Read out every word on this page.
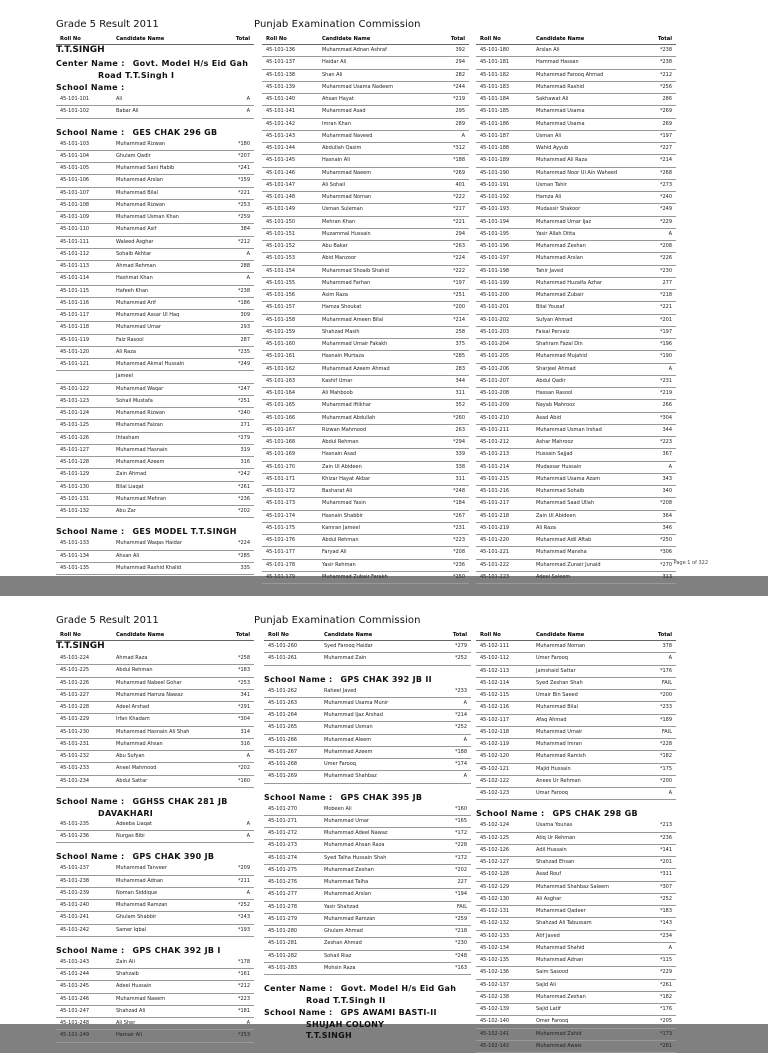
Grade 5 Result 2011	Punjab Examination Commission
Roll No	Candidate Name	Total
T.T.SINGH
Center Name : Govt. Model H/s Eid Gah
Road T.T.Singh I
School Name :
45-101-101	Ali	A
45-101-102	Babar Ali	A
School Name : GES CHAK 296 GB
45-101-103	Muhammad Rizwan	*180
45-101-104	Ghulam Qadir	*207
45-101-105	Muhammad Sani Habib	*241
45-101-106	Muhammad Arslan	*159
45-101-107	Muhammad Bilal	*221
45-101-108	Muhammad Rizwan	*253
45-101-109	Muhammad Usman Khan	*259
45-101-110	Muhammad Asif	384
45-101-111	Waleed Asghar	*212
45-101-112	Sohaib Akhtar	A
45-101-113	Ahmad Rehman	288
45-101-114	Hashmat Khan	A
45-101-115	Hafeeh Khan	*238
45-101-116	Muhammad Arif	*186
45-101-117	Muhammad Assar Ul Haq	309
45-101-118	Muhammad Umar	293
45-101-119	Faiz Rasool	287
45-101-120	Ali Raza	*235
45-101-121	Muhammad Akmal Hussain	*249
Jameel
45-101-122	Muhammad Waqar	*247
45-101-123	Sohail Mustafa	*251
45-101-124	Muhammad Rizwan	*240
45-101-125	Muhammad Faizan	271
45-101-126	Ihtasham	*279
45-101-127	Muhammad Hasnain	319
45-101-128	Muhammad Azeem	316
45-101-129	Zain Ahmad	*242
45-101-130	Bilal Liaqat	*261
45-101-131	Muhammad Mehran	*236
45-101-132	Abu Zar	*202
School Name : GES MODEL T.T.SINGH
45-101-133	Muhammad Waqas Haidar	*224
45-101-134	Ahsan Ali	*285
45-101-135	Muhammad Rashid Khalid	335
Roll No	Candidate Name	Total
45-101-136	Muhammad Adnan Ashraf	392
45-101-137	Haidar Ali	294
45-101-138	Shan Ali	282
45-101-139	Muhammad Usama Nadeem	*244
45-101-140	Ahsan Hayat	*219
45-101-141	Muhammad Asad	295
45-101-142	Imran Khan	289
45-101-143	Muhammad Naveed	A
45-101-144	Abdullah Qasim	*312
45-101-145	Hasnain Ali	*188
45-101-146	Muhammad Naeem	*269
45-101-147	Ali Sohail	401
45-101-148	Muhammad Noman	*222
45-101-149	Usman Suleman	*217
45-101-150	Mehran Khan	*221
45-101-151	Muzammal Hussain	294
45-101-152	Abu Bakar	*263
45-101-153	Abid Manzoor	*224
45-101-154	Muhammad Shoaib Shahid	*222
45-101-155	Muhammad Farhan	*197
45-101-156	Asim Raza	*251
45-101-157	Hamza Shoukat	*200
45-101-158	Muhammad Ameen Bilal	*214
45-101-159	Shahzad Masih	258
45-101-160	Muhammad Umair Fakakh	375
45-101-161	Hasnain Murtaza	*285
45-101-162	Muhammad Azeem Ahmad	283
45-101-163	Kashif Umar	344
45-101-164	Ali Mahboob	311
45-101-165	Muhammad Iftikhar	352
45-101-166	Muhammad Abdullah	*260
45-101-167	Rizwan Mahmood	263
45-101-168	Abdul Rehman	*294
45-101-169	Hasnain Asad	339
45-101-170	Zain Ul Abideen	338
45-101-171	Khizar Hayat Akbar	311
45-101-172	Basharat Ali	*248
45-101-173	Muhammad Yasin	*184
45-101-174	Hasnain Shabbir	*267
45-101-175	Kamran Jameel	*231
45-101-176	Abdul Rehman	*223
45-101-177	Faryad Ali	*208
45-101-178	Yasir Rehman	*236
45-101-179	Muhammad Zubair Farakh	*250
Roll No	Candidate Name	Total
45-101-180	Arslan Ali	*238
45-101-181	Hammad Hassan	*238
45-101-182	Muhammad Farooq Ahmad	*212
45-101-183	Muhammad Rashid	*256
45-101-184	Sakhawat Ali	286
45-101-185	Muhammad Usama	*269
45-101-186	Muhammad Usama	269
45-101-187	Usman Ali	*197
45-101-188	Wahid Ayyub	*227
45-101-189	Muhammad Ali Raza	*214
45-101-190	Muhammad Noor Ul Ain Waheed	*268
45-101-191	Usman Tahir	*273
45-101-192	Hamza Ali	*240
45-101-193	Mudassir Shakoor	*249
45-101-194	Muhammad Umar Ijaz	*229
45-101-195	Yasir Allah Ditta	A
45-101-196	Muhammad Zeshan	*208
45-101-197	Muhammad Arslan	*226
45-101-198	Tahir Javed	*230
45-101-199	Muhammad Huzaifa Azhar	277
45-101-200	Muhammad Zubair	*218
45-101-201	Bilal Yousaf	*221
45-101-202	Sufyan Ahmad	*201
45-101-203	Faisal Pervaiz	*197
45-101-204	Shahram Fazal Din	*196
45-101-205	Muhammad Mujahid	*190
45-101-206	Sharjeel Ahmad	A
45-101-207	Abdul Qadir	*231
45-101-208	Hassan Rasool	*219
45-101-209	Nayab Mahrooz	266
45-101-210	Asad Abid	*304
45-101-211	Muhammad Usman Irshad	344
45-101-212	Ashar Mahrooz	*223
45-101-213	Hussain Sajjad	367
45-101-214	Mudassar Hussain	A
45-101-215	Muhammad Usama Azam	343
45-101-216	Muhammad Sohaib	340
45-101-217	Muhammad Saad Ullah	*208
45-101-218	Zain Ul Abideen	364
45-101-219	Ali Raza	346
45-101-220	Muhammad Adil Aftab	*250
45-101-221	Muhammad Mansha	*306
45-101-222	Muhammad Zunair Junaid	*270
45-101-223	Adeel Saleem	313
Page 1 of 322
Grade 5 Result 2011	Punjab Examination Commission
Roll No	Candidate Name	Total
T.T.SINGH
45-101-224	Ahmad Raza	*258
45-101-225	Abdul Rehman	*183
45-101-226	Muhammad Nabeel Gohar	*253
45-101-227	Muhammad Hamza Nawaz	341
45-101-228	Adeel Arshad	*291
45-101-229	Irfan Khadam	*304
45-101-230	Muhammad Hasnain Ali Shah	314
45-101-231	Muhammad Ahsan	316
45-101-232	Abu Sufyan	A
45-101-233	Aneel Mahmood	*202
45-101-234	Abdul Sattar	*160
School Name : GGHSS CHAK 281 JB
DAVAKHARI
45-101-235	Adeeba Liaqat	A
45-101-236	Nurgas Bibi	A
School Name : GPS CHAK 390 JB
45-101-237	Muhammad Tanveer	*209
45-101-238	Muhammad Adnan	*211
45-101-239	Noman Siddique	A
45-101-240	Muhammad Ramzan	*252
45-101-241	Ghulam Shabbir	*243
45-101-242	Samer Iqbal	*193
School Name : GPS CHAK 392 JB I
45-101-243	Zain Ali	*178
45-101-244	Shahzaib	*161
45-101-245	Adeel Hussain	*212
45-101-246	Muhammad Naeem	*223
45-101-247	Shahzad Ali	*181
45-101-248	Ali Sher	A
45-101-249	Hamair Ali	*253
Roll No	Candidate Name	Total
45-101-260	Syed Farooq Haidar	*279
45-101-261	Muhammad Zain	*252
School Name : GPS CHAK 392 JB II
45-101-262	Raheel Javed	*233
45-101-263	Muhammad Usama Munir	A
45-101-264	Muhammad Ijaz Arshad	*214
45-101-265	Muhammad Usman	*252
45-101-266	Muhammad Aleem	A
45-101-267	Muhammad Azeem	*188
45-101-268	Umer Farooq	*174
45-101-269	Muhammad Shahbaz	A
School Name : GPS CHAK 395 JB
45-101-270	Mobeen Ali	*160
45-101-271	Muhammad Umar	*165
45-101-272	Muhammad Adeel Nawaz	*172
45-101-273	Muhammad Ahsan Raza	*228
45-101-274	Syed Talha Hussain Shah	*172
45-101-275	Muhammad Zeshan	*202
45-101-276	Muhammad Talha	227
45-101-277	Muhammad Arslan	*194
45-101-278	Yasir Shahzad	FAIL
45-101-279	Muhammad Ramzan	*259
45-101-280	Ghulam Ahmad	*218
45-101-281	Zeshan Ahmad	*230
45-101-282	Sohail Riaz	*248
45-101-283	Mohsin Raza	*163
Center Name : Govt. Model H/s Eid Gah
Road T.T.Singh II
School Name : GPS AWAMI BASTI-II
SHUJAH COLONY
T.T.SINGH
Roll No	Candidate Name	Total
45-102-111	Muhammad Noman	378
45-102-112	Umer Farooq	A
45-102-113	Jamshaid Sattar	*176
45-102-114	Syed Zeshan Shah	FAIL
45-102-115	Umair Bin Saeed	*200
45-102-116	Muhammad Bilal	*233
45-102-117	Afaq Ahmad	*189
45-102-118	Muhammad Umair	FAIL
45-102-119	Muhammad Imran	*228
45-102-120	Muhammad Ramish	*182
45-102-121	Majid Hussain	*175
45-102-122	Anees Ur Rehman	*200
45-102-123	Umar Farooq	A
School Name : GPS CHAK 298 GB
45-102-124	Usama Younas	*213
45-102-125	Atiq Ur Rehman	*236
45-102-126	Adil Hussain	*141
45-102-127	Shahzad Ehsan	*201
45-102-128	Asad Rouf	*311
45-102-129	Muhammad Shahbaz Saleem	*307
45-102-130	Ali Asghar	*252
45-102-131	Muhammad Qadeer	*183
45-102-132	Shahzad Ali Tabussam	*143
45-102-133	Atif Javed	*234
45-102-134	Muhammad Shahid	A
45-102-135	Muhammad Adnan	*115
45-102-136	Saim Sasood	*229
45-102-137	Sajid Ali	*261
45-102-138	Muhammad Zeshan	*182
45-102-139	Sajid Latif	*176
45-102-140	Omer Farooq	*205
45-102-141	Muhammad Zahid	*173
45-102-142	Muhammad Awais	*261
